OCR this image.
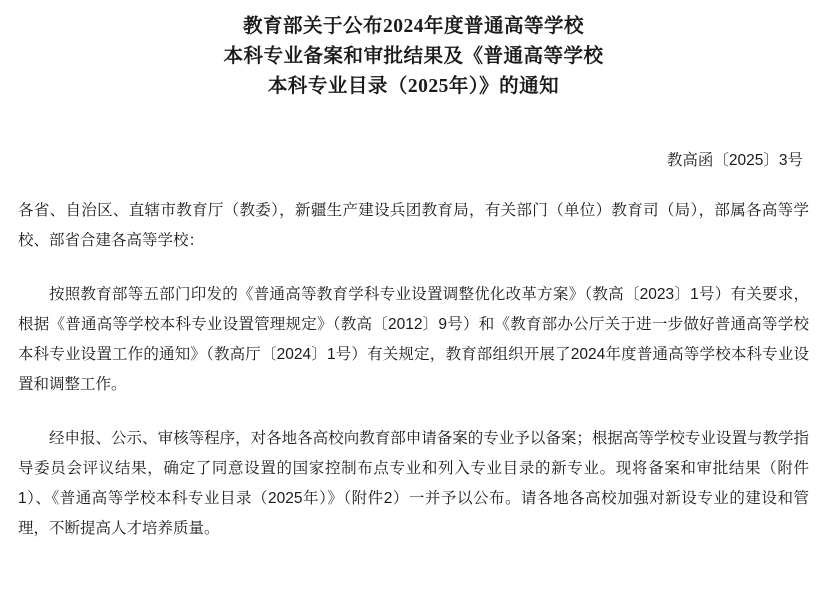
教育部关于公布2024年度普通高等学校
本科专业备案和审批结果及《普通高等学校
本科专业目录（2025年）》的通知
教高函〔2025〕3号

各省、自治区、直辖市教育厅（教委），新疆生产建设兵团教育局，有关部门（单位）教育司（局），部属各高等学校、部省合建各高等学校：

按照教育部等五部门印发的《普通高等教育学科专业设置调整优化改革方案》（教高〔2023〕1号）有关要求，根据《普通高等学校本科专业设置管理规定》（教高〔2012〕9号）和《教育部办公厅关于进一步做好普通高等学校本科专业设置工作的通知》（教高厅〔2024〕1号）有关规定，教育部组织开展了2024年度普通高等学校本科专业设置和调整工作。

经申报、公示、审核等程序，对各地各高校向教育部申请备案的专业予以备案；根据高等学校专业设置与教学指导委员会评议结果，确定了同意设置的国家控制布点专业和列入专业目录的新专业。现将备案和审批结果（附件1）、《普通高等学校本科专业目录（2025年）》（附件2）一并予以公布。请各地各高校加强对新设专业的建设和管理，不断提高人才培养质量。
